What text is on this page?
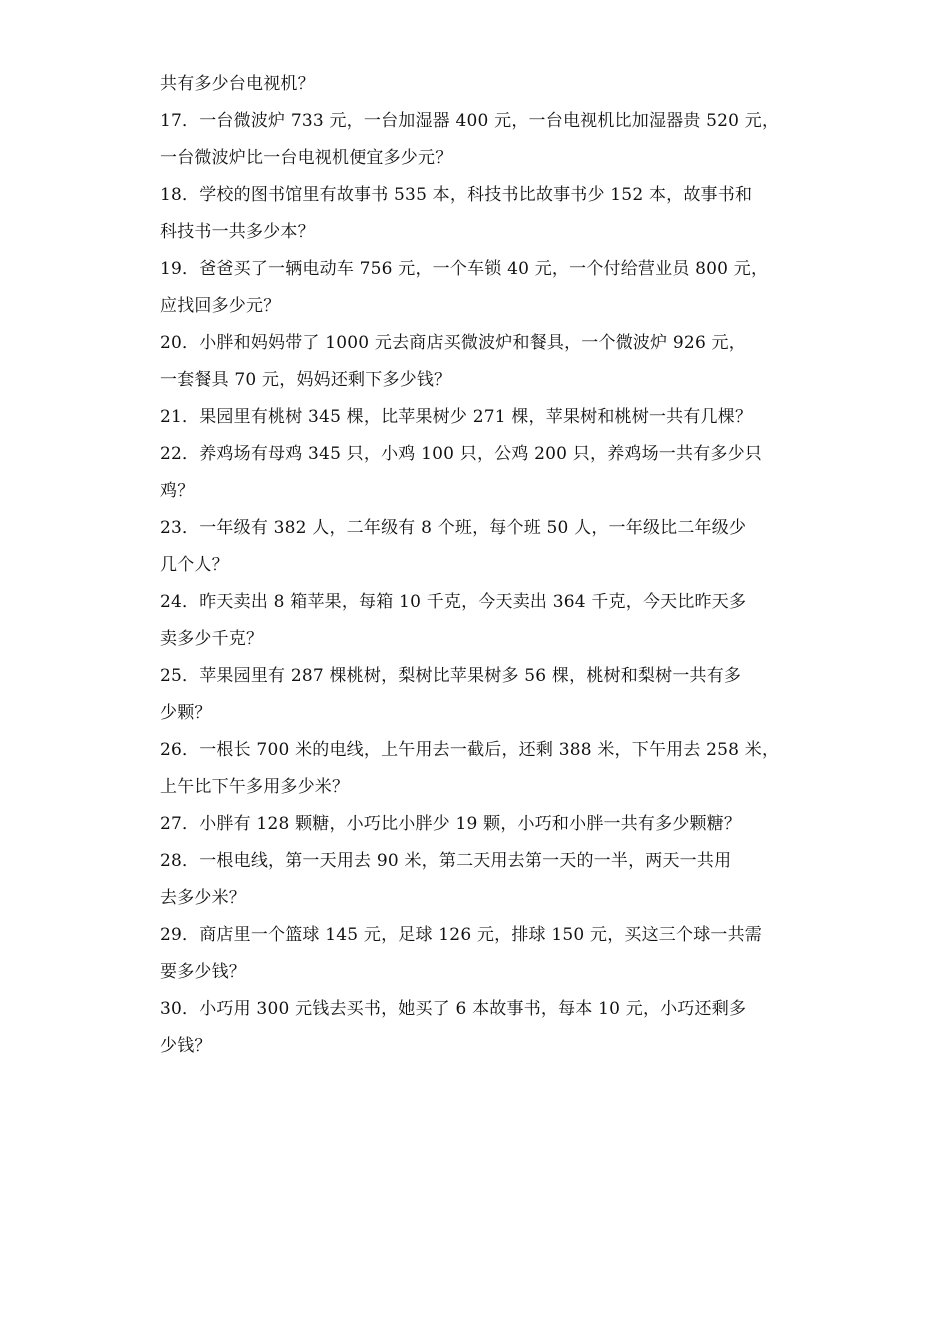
共有多少台电视机？
17．一台微波炉 733 元，一台加湿器 400 元，一台电视机比加湿器贵 520 元，
一台微波炉比一台电视机便宜多少元？
18．学校的图书馆里有故事书 535 本，科技书比故事书少 152 本，故事书和
科技书一共多少本？
19．爸爸买了一辆电动车 756 元，一个车锁 40 元，一个付给营业员 800 元，
应找回多少元？
20．小胖和妈妈带了 1000 元去商店买微波炉和餐具，一个微波炉 926 元，
一套餐具 70 元，妈妈还剩下多少钱？
21．果园里有桃树 345 棵，比苹果树少 271 棵，苹果树和桃树一共有几棵？
22．养鸡场有母鸡 345 只，小鸡 100 只，公鸡 200 只，养鸡场一共有多少只
鸡？
23．一年级有 382 人，二年级有 8 个班，每个班 50 人，一年级比二年级少
几个人？
24．昨天卖出 8 箱苹果，每箱 10 千克，今天卖出 364 千克，今天比昨天多
卖多少千克？
25．苹果园里有 287 棵桃树，梨树比苹果树多 56 棵，桃树和梨树一共有多
少颗？
26．一根长 700 米的电线，上午用去一截后，还剩 388 米，下午用去 258 米，
上午比下午多用多少米？
27．小胖有 128 颗糖，小巧比小胖少 19 颗，小巧和小胖一共有多少颗糖？
28．一根电线，第一天用去 90 米，第二天用去第一天的一半，两天一共用
去多少米？
29．商店里一个篮球 145 元，足球 126 元，排球 150 元，买这三个球一共需
要多少钱？
30．小巧用 300 元钱去买书，她买了 6 本故事书，每本 10 元，小巧还剩多
少钱？
